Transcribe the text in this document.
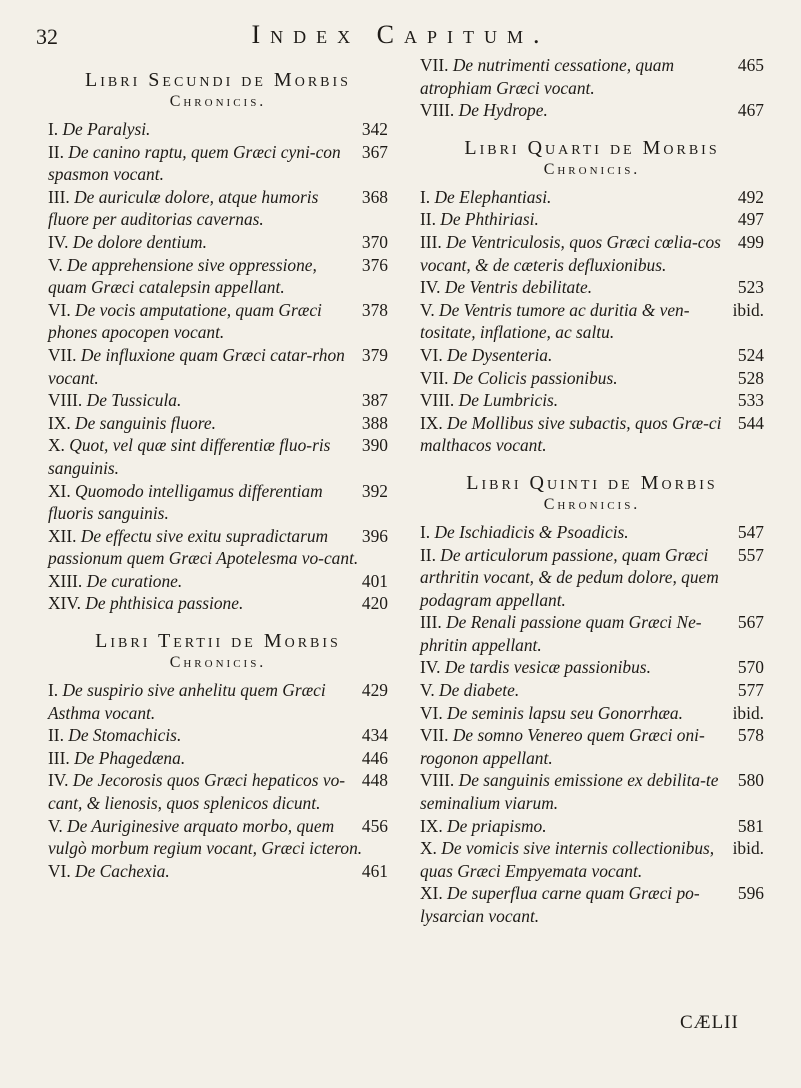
32	Index Capitum.
Libri Secundi de Morbis
Chronicis.
342
I. De Paralysi.
367
II. De canino raptu, quem Græci cyni-con spasmon vocant.
368
III. De auriculæ dolore, atque humoris fluore per auditorias cavernas.
370
IV. De dolore dentium.
376
V. De apprehensione sive oppressione, quam Græci catalepsin appellant.
378
VI. De vocis amputatione, quam Græci phones apocopen vocant.
379
VII. De influxione quam Græci catar-rhon vocant.
387
VIII. De Tussicula.
388
IX. De sanguinis fluore.
390
X. Quot, vel quæ sint differentiæ fluo-ris sanguinis.
392
XI. Quomodo intelligamus differentiam fluoris sanguinis.
396
XII. De effectu sive exitu supradictarum passionum quem Græci Apotelesma vo-cant.
401
XIII. De curatione.
420
XIV. De phthisica passione.
Libri Tertii de Morbis
Chronicis.
429
I. De suspirio sive anhelitu quem Græci Asthma vocant.
434
II. De Stomachicis.
446
III. De Phagedæna.
448
IV. De Jecorosis quos Græci hepaticos vo-cant, & lienosis, quos splenicos dicunt.
456
V. De Auriginesive arquato morbo, quem vulgò morbum regium vocant, Græci icteron.
461
VI. De Cachexia.
465
VII. De nutrimenti cessatione, quam atrophiam Græci vocant.
467
VIII. De Hydrope.
Libri Quarti de Morbis
Chronicis.
492
I. De Elephantiasi.
497
II. De Phthiriasi.
499
III. De Ventriculosis, quos Græci cœlia-cos vocant, & de cæteris defluxionibus.
523
IV. De Ventris debilitate.
ibid.
V. De Ventris tumore ac duritia & ven-tositate, inflatione, ac saltu.
524
VI. De Dysenteria.
528
VII. De Colicis passionibus.
533
VIII. De Lumbricis.
544
IX. De Mollibus sive subactis, quos Græ-ci malthacos vocant.
Libri Quinti de Morbis
Chronicis.
547
I. De Ischiadicis & Psoadicis.
557
II. De articulorum passione, quam Græci arthritin vocant, & de pedum dolore, quem podagram appellant.
567
III. De Renali passione quam Græci Ne-phritin appellant.
570
IV. De tardis vesicæ passionibus.
577
V. De diabete.
ibid.
VI. De seminis lapsu seu Gonorrhæa.
578
VII. De somno Venereo quem Græci oni-rogonon appellant.
580
VIII. De sanguinis emissione ex debilita-te seminalium viarum.
581
IX. De priapismo.
ibid.
X. De vomicis sive internis collectionibus, quas Græci Empyemata vocant.
596
XI. De superflua carne quam Græci po-lysarcian vocant.
CÆLII
